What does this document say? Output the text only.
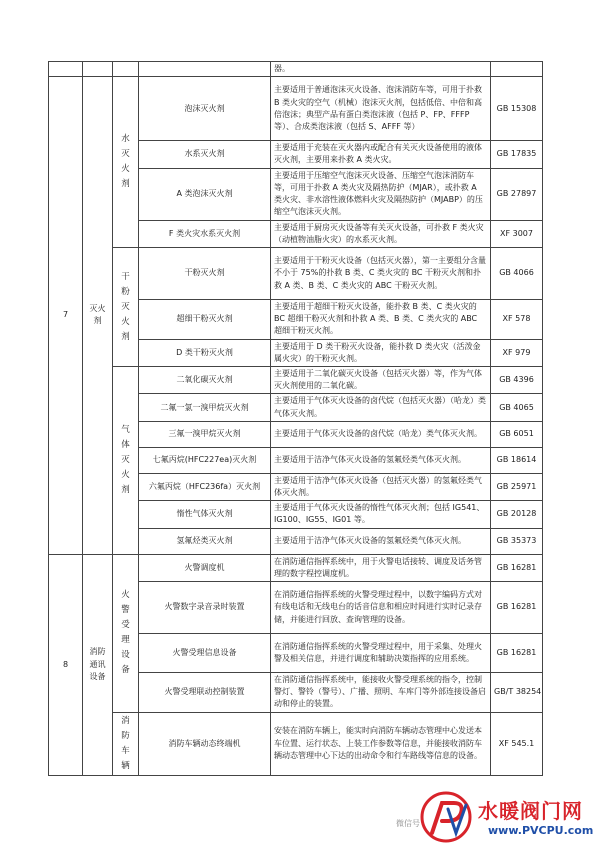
				器。	
7	灭火剂	水灭火剂	泡沫灭火剂	主要适用于普通泡沫灭火设备、泡沫消防车等，可用于扑救 B 类火灾的空气（机械）泡沫灭火剂，包括低倍、中倍和高倍泡沫；典型产品有蛋白类泡沫液（包括 P、FP、FFFP 等）、合成类泡沫液（包括 S、AFFF 等）	GB 15308
			水系灭火剂	主要适用于充装在灭火器内或配合有关灭火设备使用的液体灭火剂，主要用来扑救 A 类火灾。	GB 17835
			A 类泡沫灭火剂	主要适用于压缩空气泡沫灭火设备、压缩空气泡沫消防车等，可用于扑救 A 类火灾及隔热防护（MJAR），或扑救 A 类火灾、非水溶性液体燃料火灾及隔热防护（MJABP）的压缩空气泡沫灭火剂。	GB 27897
			F 类火灾水系灭火剂	主要适用于厨房灭火设备等有关灭火设备，可扑救 F 类火灾（动植物油脂火灾）的水系灭火剂。	XF 3007

		干粉灭火剂	干粉灭火剂	主要适用于干粉灭火设备（包括灭火器），第一主要组分含量不小于 75%的扑救 B 类、C 类火灾的 BC 干粉灭火剂和扑救 A 类、B 类、C 类火灾的 ABC 干粉灭火剂。	GB 4066
			超细干粉灭火剂	主要适用于超细干粉灭火设备，能扑救 B 类、C 类火灾的 BC 超细干粉灭火剂和扑救 A 类、B 类、C 类火灾的 ABC 超细干粉灭火剂。	XF 578
			D 类干粉灭火剂	主要适用于 D 类干粉灭火设备，能扑救 D 类火灾（活泼金属火灾）的干粉灭火剂。	XF 979

		气体灭火剂	二氧化碳灭火剂	主要适用于二氧化碳灭火设备（包括灭火器）等，作为气体灭火剂使用的二氧化碳。	GB 4396
			二氟一氯一溴甲烷灭火剂	主要适用于气体灭火设备的卤代烷（包括灭火器）（哈龙）类气体灭火剂。	GB 4065
			三氟一溴甲烷灭火剂	主要适用于气体灭火设备的卤代烷（哈龙）类气体灭火剂。	GB 6051
			七氟丙烷(HFC227ea)灭火剂	主要适用于洁净气体灭火设备的氢氟烃类气体灭火剂。	GB 18614
			六氟丙烷（HFC236fa）灭火剂	主要适用于洁净气体灭火设备（包括灭火器）的氢氟烃类气体灭火剂。	GB 25971
			惰性气体灭火剂	主要适用于气体灭火设备的惰性气体灭火剂；包括 IG541、IG100、IG55、IG01 等。	GB 20128
			氢氟烃类灭火剂	主要适用于洁净气体灭火设备的氢氟烃类气体灭火剂。	GB 35373
8	消防通讯设备	火警受理设备	火警调度机	在消防通信指挥系统中，用于火警电话接转、调度及话务管理的数字程控调度机。	GB 16281
			火警数字录音录时装置	在消防通信指挥系统的火警受理过程中，以数字编码方式对有线电话和无线电台的话音信息和相应时间进行实时记录存储，并能进行回放、查询管理的设备。	GB 16281
			火警受理信息设备	在消防通信指挥系统的火警受理过程中，用于采集、处理火警及相关信息，并进行调度和辅助决策指挥的应用系统。	GB 16281
			火警受理联动控制装置	在消防通信指挥系统中，能接收火警受理系统的指令，控制警灯、警铃（警号）、广播、照明、车库门等外部连接设备启动和停止的装置。	GB/T 38254

		消防车辆	消防车辆动态终端机	安装在消防车辆上，能实时向消防车辆动态管理中心发送本车位置、运行状态、上装工作参数等信息，并能接收消防车辆动态管理中心下达的出动命令和行车路线等信息的设备。	XF 545.1
水暖阀门网
www.PVCPU.com
微信号
